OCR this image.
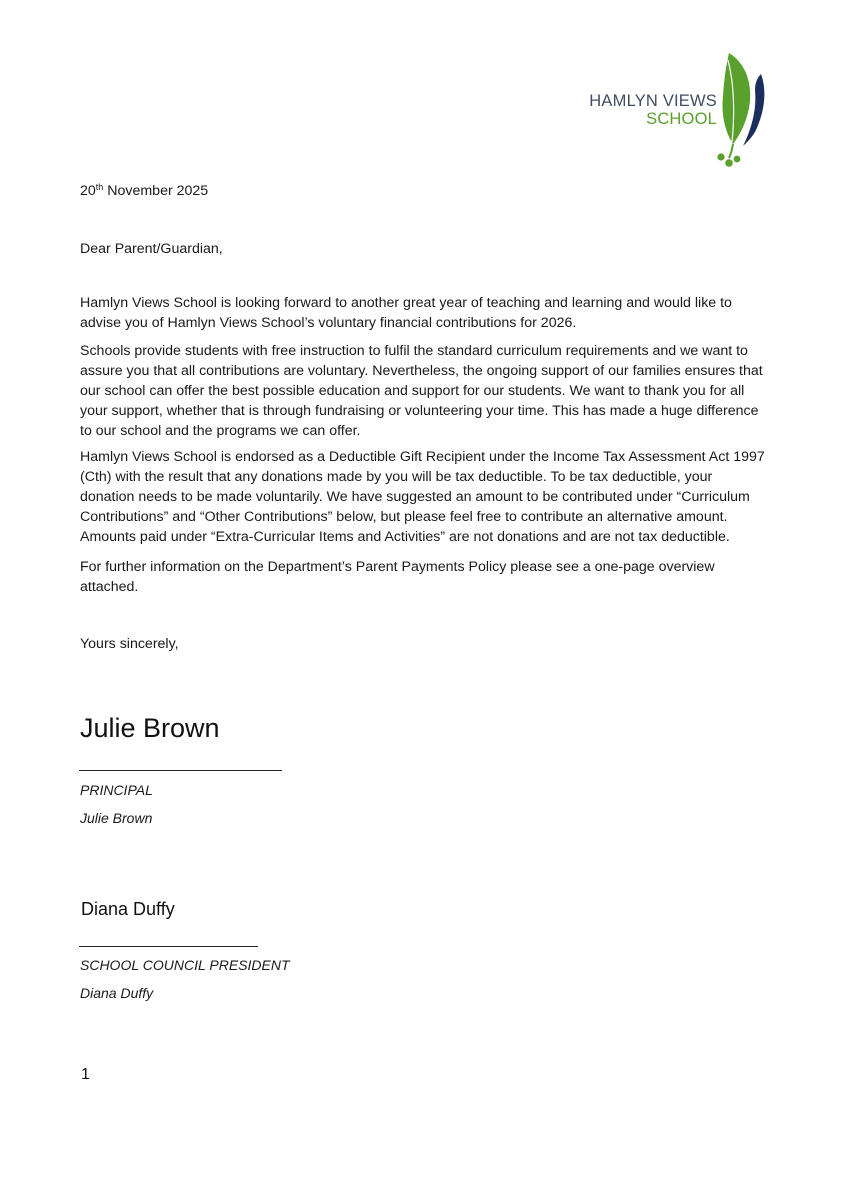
HAMLYN VIEWS
SCHOOL
20th November 2025
Dear Parent/Guardian,
Hamlyn Views School is looking forward to another great year of teaching and learning and would like to advise you of Hamlyn Views School’s voluntary financial contributions for 2026.
Schools provide students with free instruction to fulfil the standard curriculum requirements and we want to assure you that all contributions are voluntary. Nevertheless, the ongoing support of our families ensures that our school can offer the best possible education and support for our students. We want to thank you for all your support, whether that is through fundraising or volunteering your time. This has made a huge difference to our school and the programs we can offer.
Hamlyn Views School is endorsed as a Deductible Gift Recipient under the Income Tax Assessment Act 1997 (Cth) with the result that any donations made by you will be tax deductible. To be tax deductible, your donation needs to be made voluntarily. We have suggested an amount to be contributed under “Curriculum Contributions” and “Other Contributions” below, but please feel free to contribute an alternative amount. Amounts paid under “Extra-Curricular Items and Activities” are not donations and are not tax deductible.
For further information on the Department’s Parent Payments Policy please see a one-page overview attached.
Yours sincerely,
Julie Brown
PRINCIPAL
Julie Brown
Diana Duffy
SCHOOL COUNCIL PRESIDENT
Diana Duffy
1
